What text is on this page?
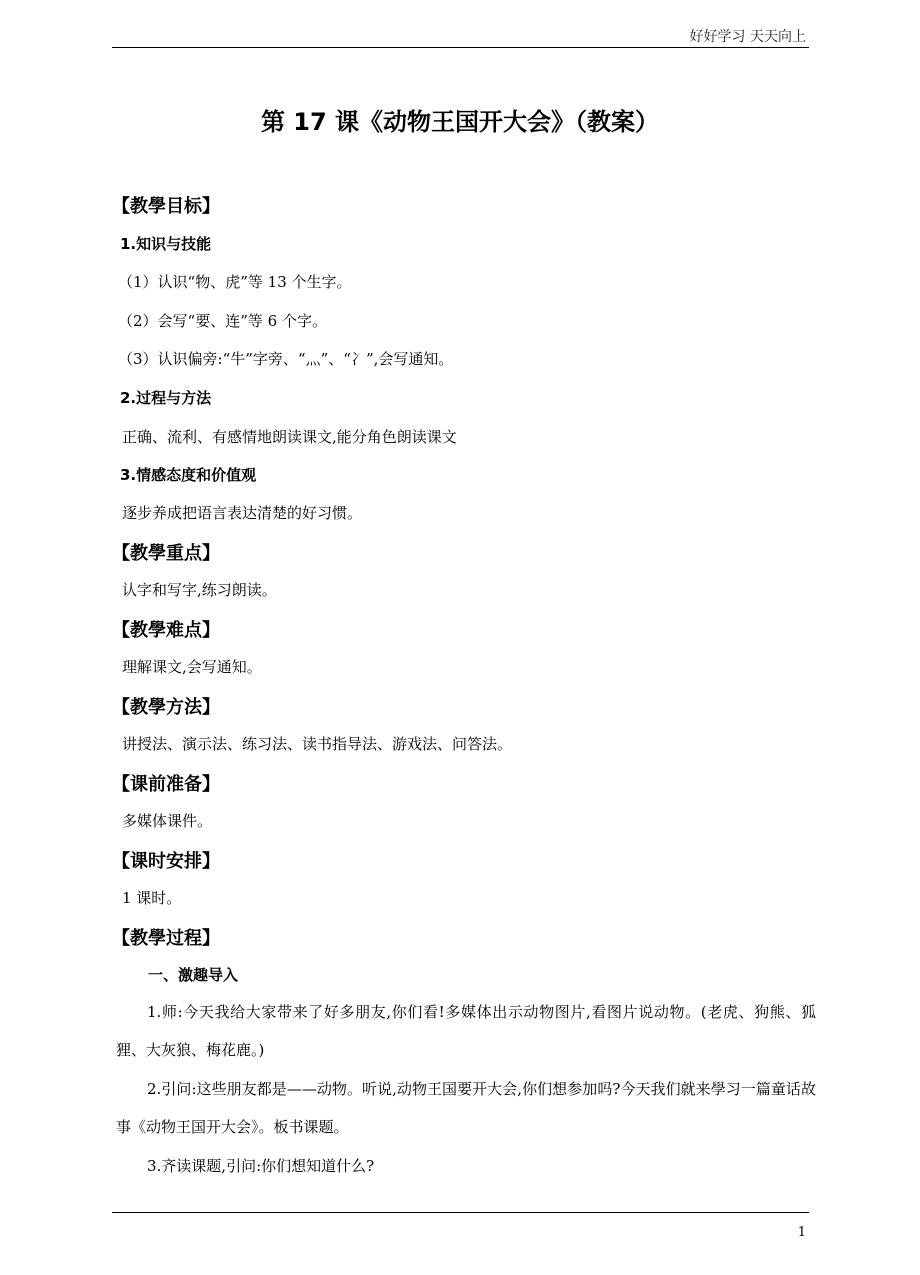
好好学习 天天向上
第 17 课《动物王国开大会》（教案）
【教學目标】
1.知识与技能
（1）认识“物、虎”等 13 个生字。
（2）会写“要、连”等 6 个字。
（3）认识偏旁:“牛”字旁、“灬”、“冫”,会写通知。
2.过程与方法
正确、流利、有感情地朗读课文,能分角色朗读课文
3.情感态度和价值观
逐步养成把语言表达清楚的好习惯。
【教學重点】
认字和写字,练习朗读。
【教學难点】
理解课文,会写通知。
【教學方法】
讲授法、演示法、练习法、读书指导法、游戏法、问答法。
【课前准备】
多媒体课件。
【课时安排】
1 课时。
【教學过程】
一、激趣导入
1.师:今天我给大家带来了好多朋友,你们看!多媒体出示动物图片,看图片说动物。(老虎、狗熊、狐狸、大灰狼、梅花鹿。)
2.引问:这些朋友都是——动物。听说,动物王国要开大会,你们想参加吗?今天我们就来學习一篇童话故事《动物王国开大会》。板书课题。
3.齐读课题,引问:你们想知道什么?
1
